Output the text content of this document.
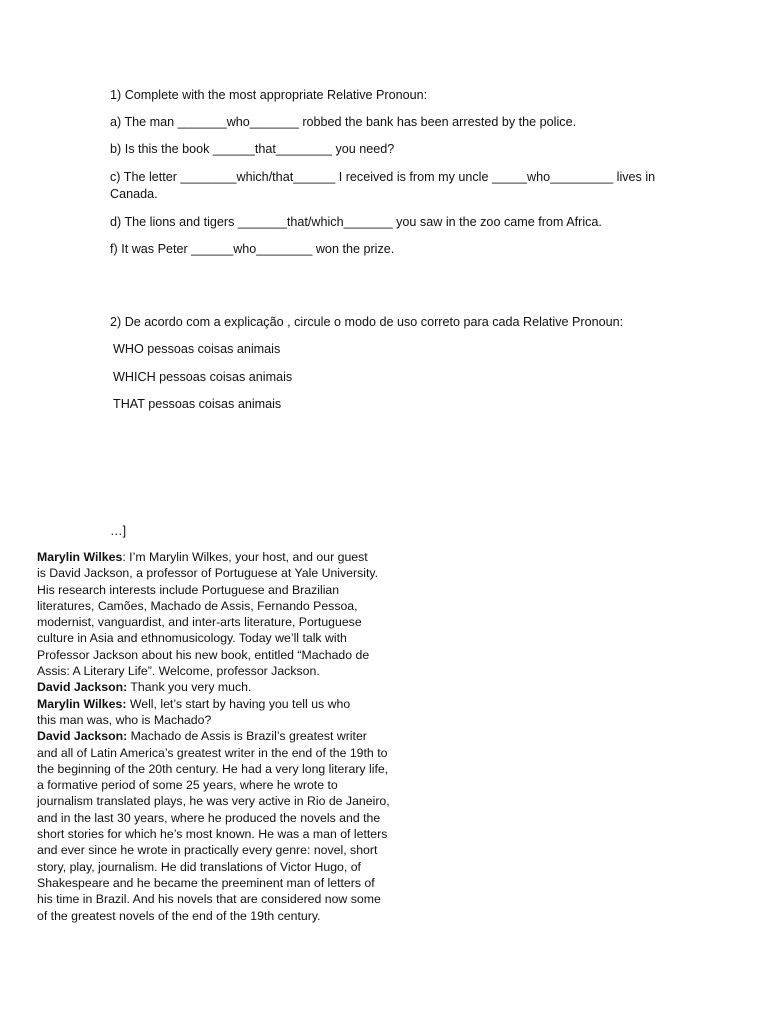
1) Complete with the most appropriate Relative Pronoun:

a) The man _______who_______ robbed the bank has been arrested by the police.

b) Is this the book ______that________ you need?

c) The letter ________which/that______ I received is from my uncle _____who_________ lives in Canada.

d) The lions and tigers _______that/which_______ you saw in the zoo came from Africa.

f) It was Peter ______who________ won the prize.

2) De acordo com a explicação , circule o modo de uso correto para cada Relative Pronoun:

WHO pessoas coisas animais

WHICH pessoas coisas animais

THAT pessoas coisas animais

…]

Marylin Wilkes: I’m Marylin Wilkes, your host, and our guest
is David Jackson, a professor of Portuguese at Yale University.
His research interests include Portuguese and Brazilian
literatures, Camões, Machado de Assis, Fernando Pessoa,
modernist, vanguardist, and inter-arts literature, Portuguese
culture in Asia and ethnomusicology. Today we’ll talk with
Professor Jackson about his new book, entitled “Machado de
Assis: A Literary Life”. Welcome, professor Jackson.
David Jackson: Thank you very much.
Marylin Wilkes: Well, let’s start by having you tell us who
this man was, who is Machado?
David Jackson: Machado de Assis is Brazil’s greatest writer
and all of Latin America’s greatest writer in the end of the 19th to
the beginning of the 20th century. He had a very long literary life,
a formative period of some 25 years, where he wrote to
journalism translated plays, he was very active in Rio de Janeiro,
and in the last 30 years, where he produced the novels and the
short stories for which he’s most known. He was a man of letters
and ever since he wrote in practically every genre: novel, short
story, play, journalism. He did translations of Victor Hugo, of
Shakespeare and he became the preeminent man of letters of
his time in Brazil. And his novels that are considered now some
of the greatest novels of the end of the 19th century.
